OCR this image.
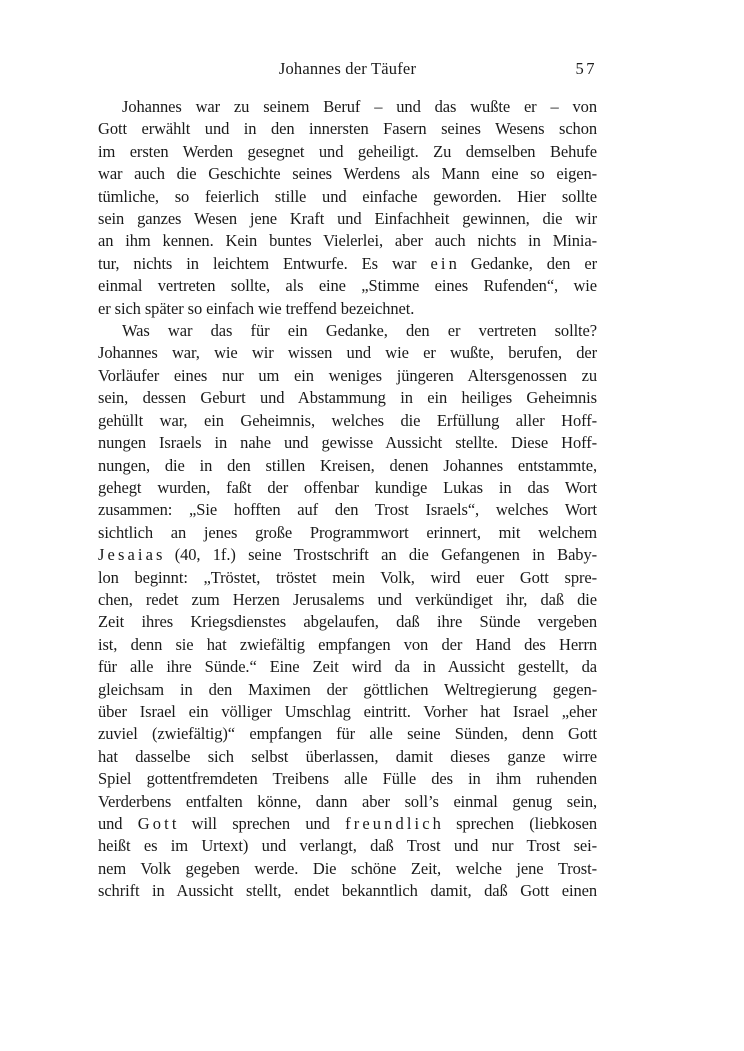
Johannes der Täufer	57
Johannes war zu seinem Beruf – und das wußte er – von
Gott erwählt und in den innersten Fasern seines Wesens schon
im ersten Werden gesegnet und geheiligt. Zu demselben Behufe
war auch die Geschichte seines Werdens als Mann eine so eigen-
tümliche, so feierlich stille und einfache geworden. Hier sollte
sein ganzes Wesen jene Kraft und Einfachheit gewinnen, die wir
an ihm kennen. Kein buntes Vielerlei, aber auch nichts in Minia-
tur, nichts in leichtem Entwurfe. Es war e i n Gedanke, den er
einmal vertreten sollte, als eine „Stimme eines Rufenden“, wie
er sich später so einfach wie treffend bezeichnet.
Was war das für ein Gedanke, den er vertreten sollte?
Johannes war, wie wir wissen und wie er wußte, berufen, der
Vorläufer eines nur um ein weniges jüngeren Altersgenossen zu
sein, dessen Geburt und Abstammung in ein heiliges Geheimnis
gehüllt war, ein Geheimnis, welches die Erfüllung aller Hoff-
nungen Israels in nahe und gewisse Aussicht stellte. Diese Hoff-
nungen, die in den stillen Kreisen, denen Johannes entstammte,
gehegt wurden, faßt der offenbar kundige Lukas in das Wort
zusammen: „Sie hofften auf den Trost Israels“, welches Wort
sichtlich an jenes große Programmwort erinnert, mit welchem
J e s a i a s (40, 1f.) seine Trostschrift an die Gefangenen in Baby-
lon beginnt: „Tröstet, tröstet mein Volk, wird euer Gott spre-
chen, redet zum Herzen Jerusalems und verkündiget ihr, daß die
Zeit ihres Kriegsdienstes abgelaufen, daß ihre Sünde vergeben
ist, denn sie hat zwiefältig empfangen von der Hand des Herrn
für alle ihre Sünde.“ Eine Zeit wird da in Aussicht gestellt, da
gleichsam in den Maximen der göttlichen Weltregierung gegen-
über Israel ein völliger Umschlag eintritt. Vorher hat Israel „eher
zuviel (zwiefältig)“ empfangen für alle seine Sünden, denn Gott
hat dasselbe sich selbst überlassen, damit dieses ganze wirre
Spiel gottentfremdeten Treibens alle Fülle des in ihm ruhenden
Verderbens entfalten könne, dann aber soll’s einmal genug sein,
und G o t t will sprechen und f r e u n d l i c h sprechen (liebkosen
heißt es im Urtext) und verlangt, daß Trost und nur Trost sei-
nem Volk gegeben werde. Die schöne Zeit, welche jene Trost-
schrift in Aussicht stellt, endet bekanntlich damit, daß Gott einen
